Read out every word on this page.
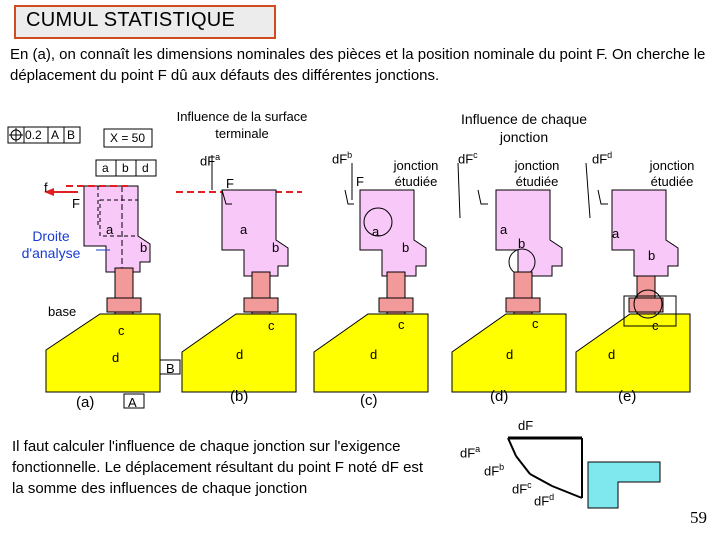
CUMUL STATISTIQUE
En (a), on connaît les dimensions nominales des pièces et la position nominale du point F. On cherche le déplacement du point F dû aux défauts des différentes jonctions.
0.2 A B	X = 50
a b d
f
F
Droite d'analyse
base
a
b
c
d
B
A
Influence de la surface terminale
Influence de chaque jonction
$dF^a$
F
a
b
c
d
$dF^b$
jonction étudiée
F
a
b
c
d
$dF^c$
jonction étudiée
a
b
c
d
$dF^d$
jonction étudiée
a
b
c
d
(a)	(b)	(c)	(d)	(e)
Il faut calculer l'influence de chaque jonction sur l'exigence fonctionnelle. Le déplacement résultant du point F noté dF est la somme des influences de chaque jonction
dF
$dF^a$
$dF^b$
$dF^c$
$dF^d$
59
